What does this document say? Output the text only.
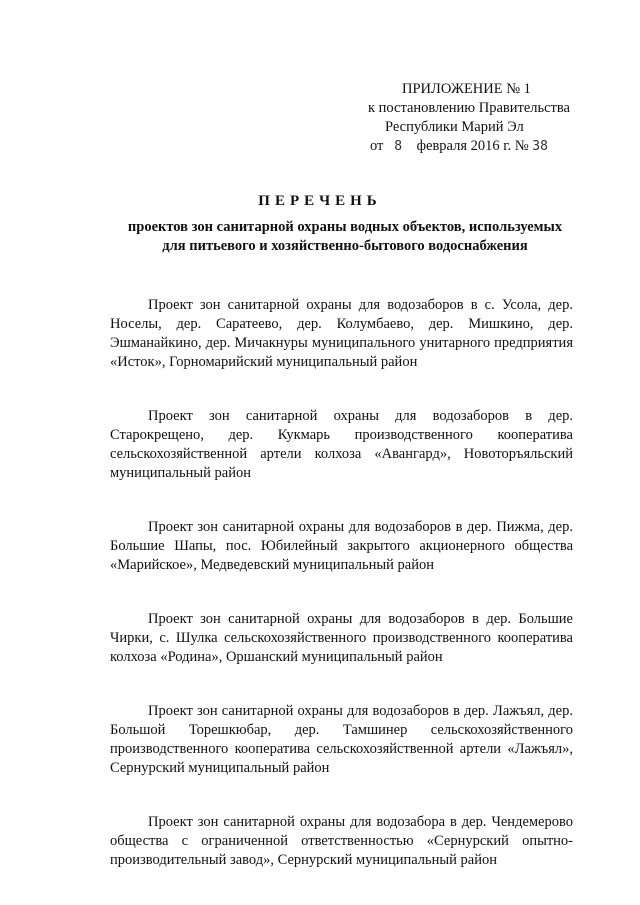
ПРИЛОЖЕНИЕ № 1
к постановлению Правительства
Республики Марий Эл
от 8 февраля 2016 г. № 38
ПЕРЕЧЕНЬ
проектов зон санитарной охраны водных объектов, используемых
для питьевого и хозяйственно-бытового водоснабжения

Проект зон санитарной охраны для водозаборов в с. Усола, дер. Носелы, дер. Саратеево, дер. Колумбаево, дер. Мишкино, дер. Эшманайкино, дер. Мичакнуры муниципального унитарного предприятия «Исток», Горномарийский муниципальный район

Проект зон санитарной охраны для водозаборов в дер. Старокрещено, дер. Кукмарь производственного кооператива сельскохозяйственной артели колхоза «Авангард», Новоторъяльский муниципальный район

Проект зон санитарной охраны для водозаборов в дер. Пижма, дер. Большие Шапы, пос. Юбилейный закрытого акционерного общества «Марийское», Медведевский муниципальный район

Проект зон санитарной охраны для водозаборов в дер. Большие Чирки, с. Шулка сельскохозяйственного производственного кооператива колхоза «Родина», Оршанский муниципальный район

Проект зон санитарной охраны для водозаборов в дер. Лажъял, дер. Большой Торешкюбар, дер. Тамшинер сельскохозяйственного производственного кооператива сельскохозяйственной артели «Лажъял», Сернурский муниципальный район

Проект зон санитарной охраны для водозабора в дер. Чендемерово общества с ограниченной ответственностью «Сернурский опытно-производительный завод», Сернурский муниципальный район
